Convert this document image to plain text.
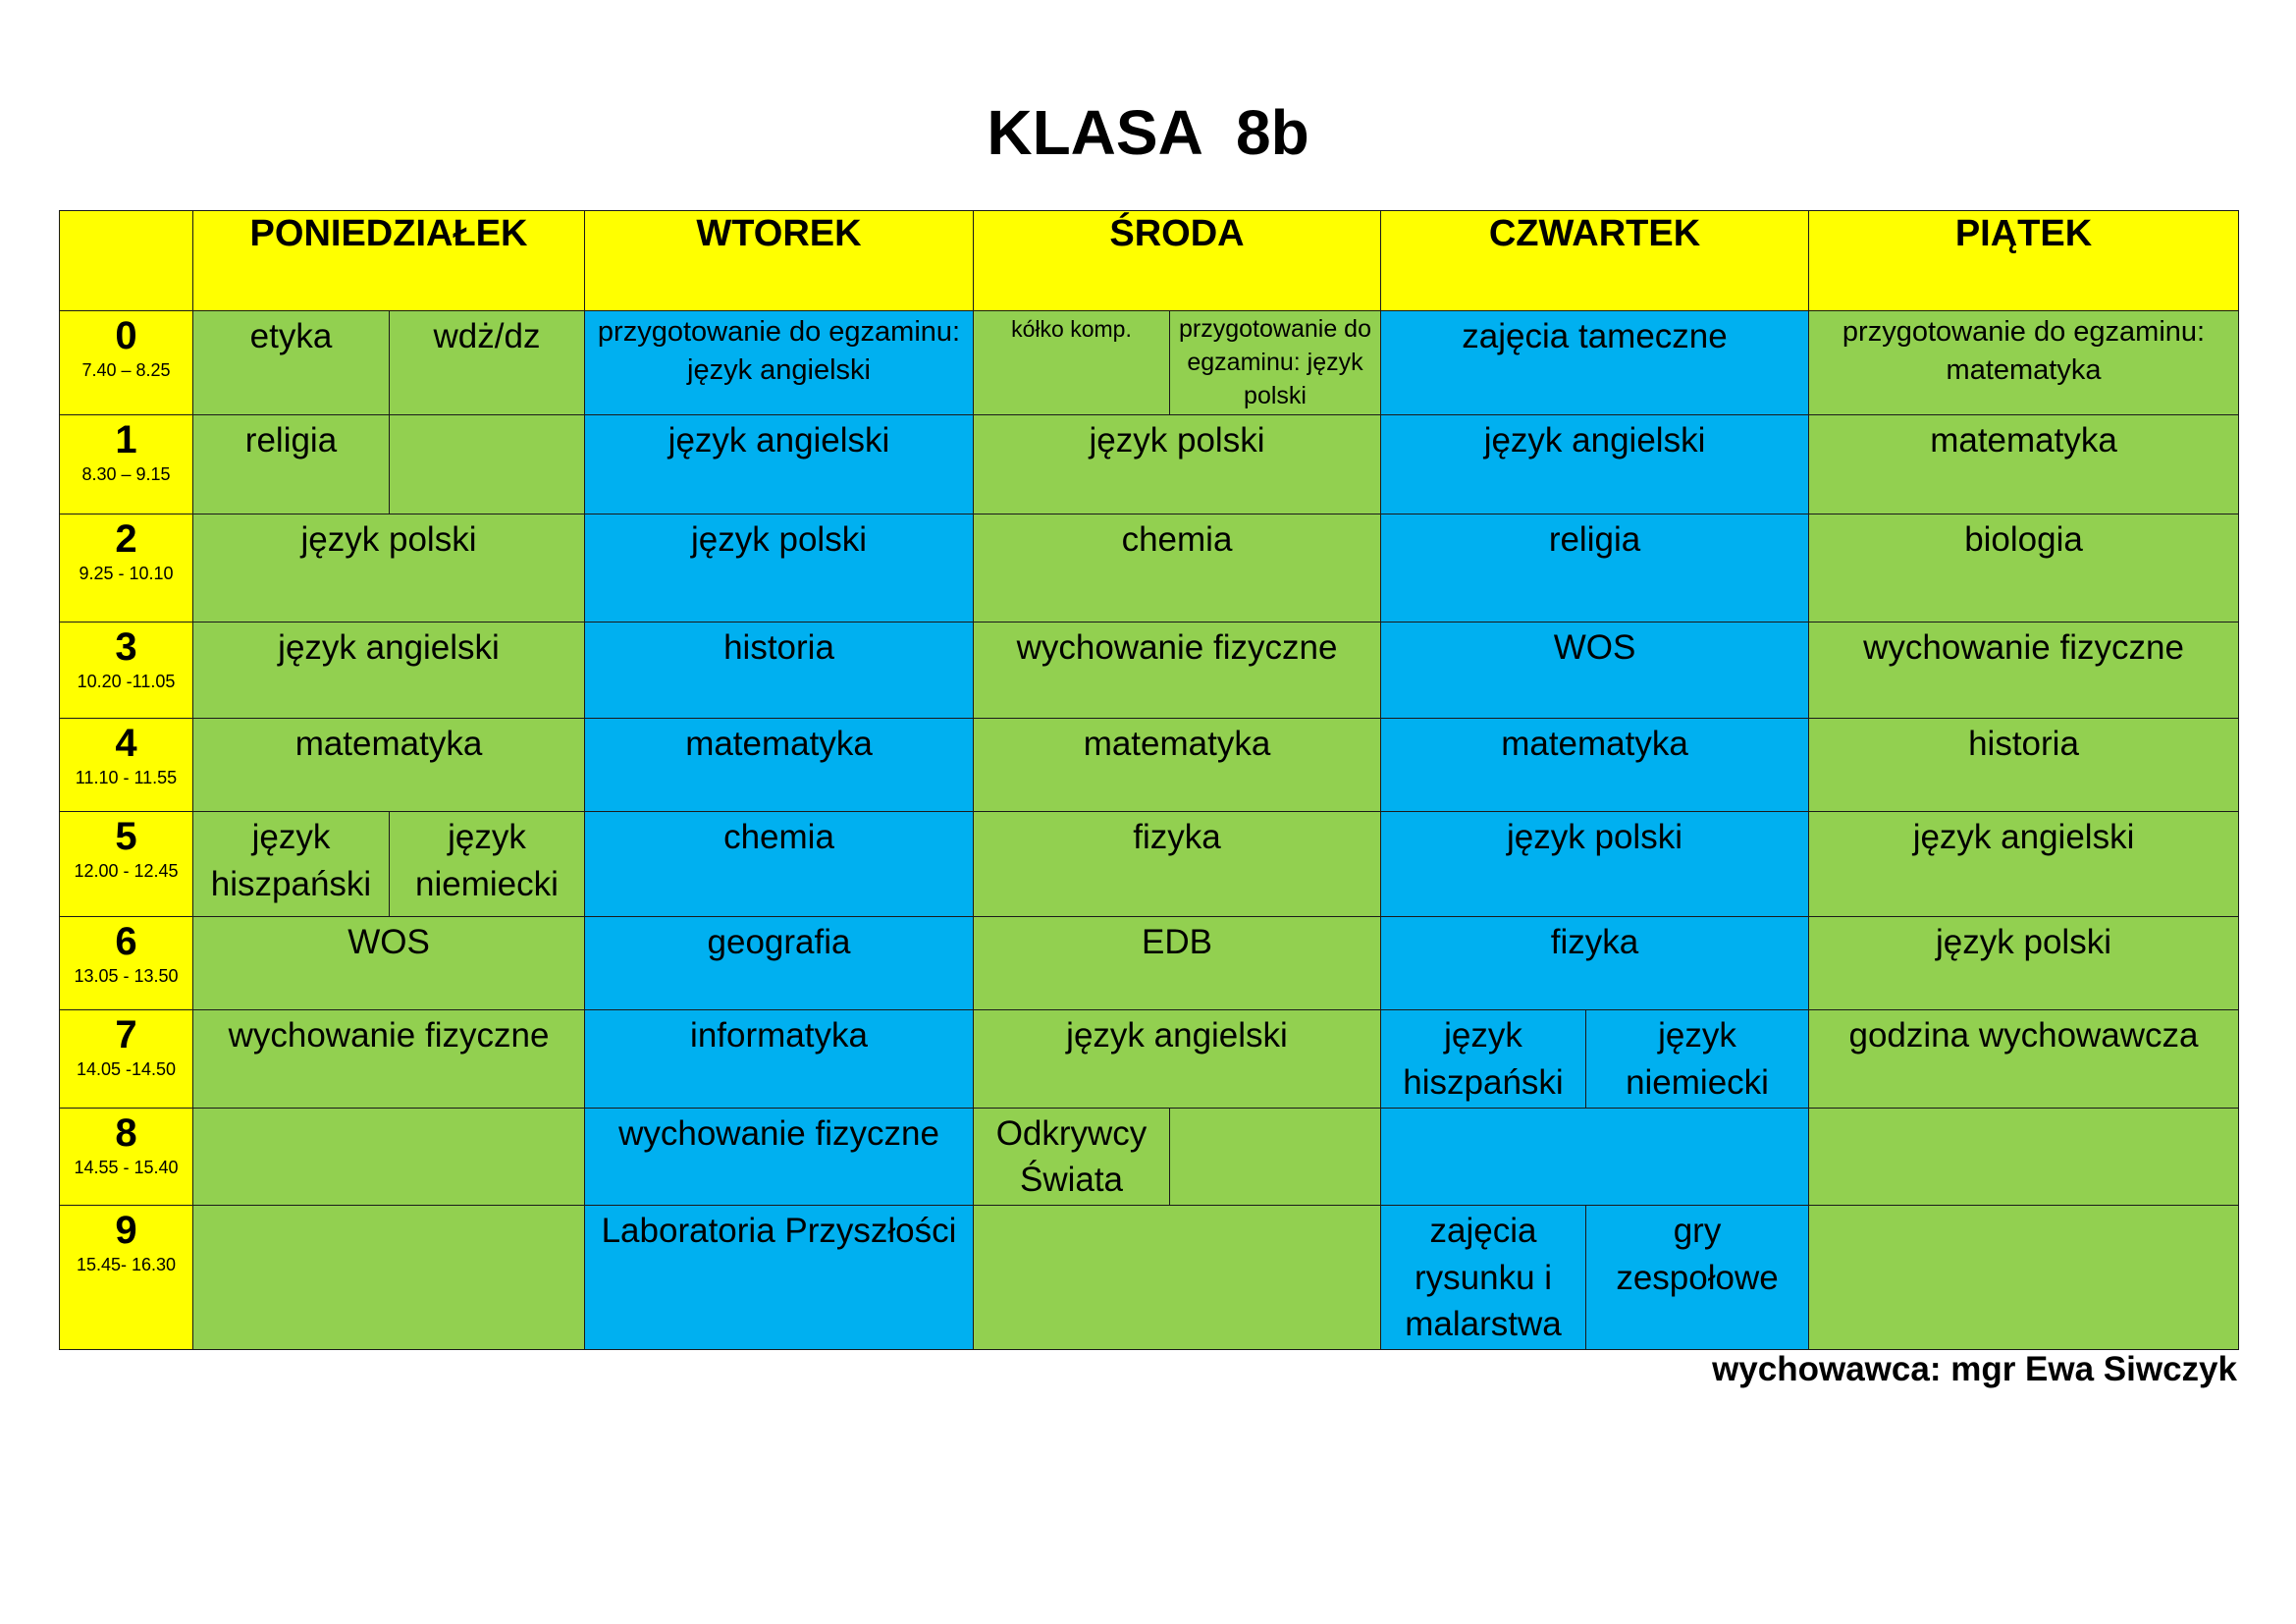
KLASA  8b
	PONIEDZIAŁEK		WTOREK	ŚRODA		CZWARTEK		PIĄTEK

0
7.40 – 8.25	etyka	wdż/dz	przygotowanie do egzaminu: język angielski	kółko komp.	przygotowanie do egzaminu: język polski	zajęcia tameczne		przygotowanie do egzaminu: matematyka

1
8.30 – 9.15	religia		język angielski	język polski		język angielski		matematyka

2
9.25 - 10.10	język polski		język polski	chemia		religia		biologia

3
10.20 -11.05	język angielski		historia	wychowanie fizyczne		WOS		wychowanie fizyczne

4
11.10 - 11.55	matematyka		matematyka	matematyka		matematyka		historia

5
12.00 - 12.45	język hiszpański	język niemiecki	chemia	fizyka		język polski		język angielski

6
13.05 - 13.50	WOS		geografia	EDB		fizyka		język polski

7
14.05 -14.50	wychowanie fizyczne		informatyka	język angielski		język hiszpański	język niemiecki	godzina wychowawcza

8
14.55 - 15.40			wychowanie fizyczne	Odkrywcy Świata				

9
15.45- 16.30			Laboratoria Przyszłości			zajęcia rysunku i malarstwa	gry zespołowe	
wychowawca: mgr Ewa Siwczyk
